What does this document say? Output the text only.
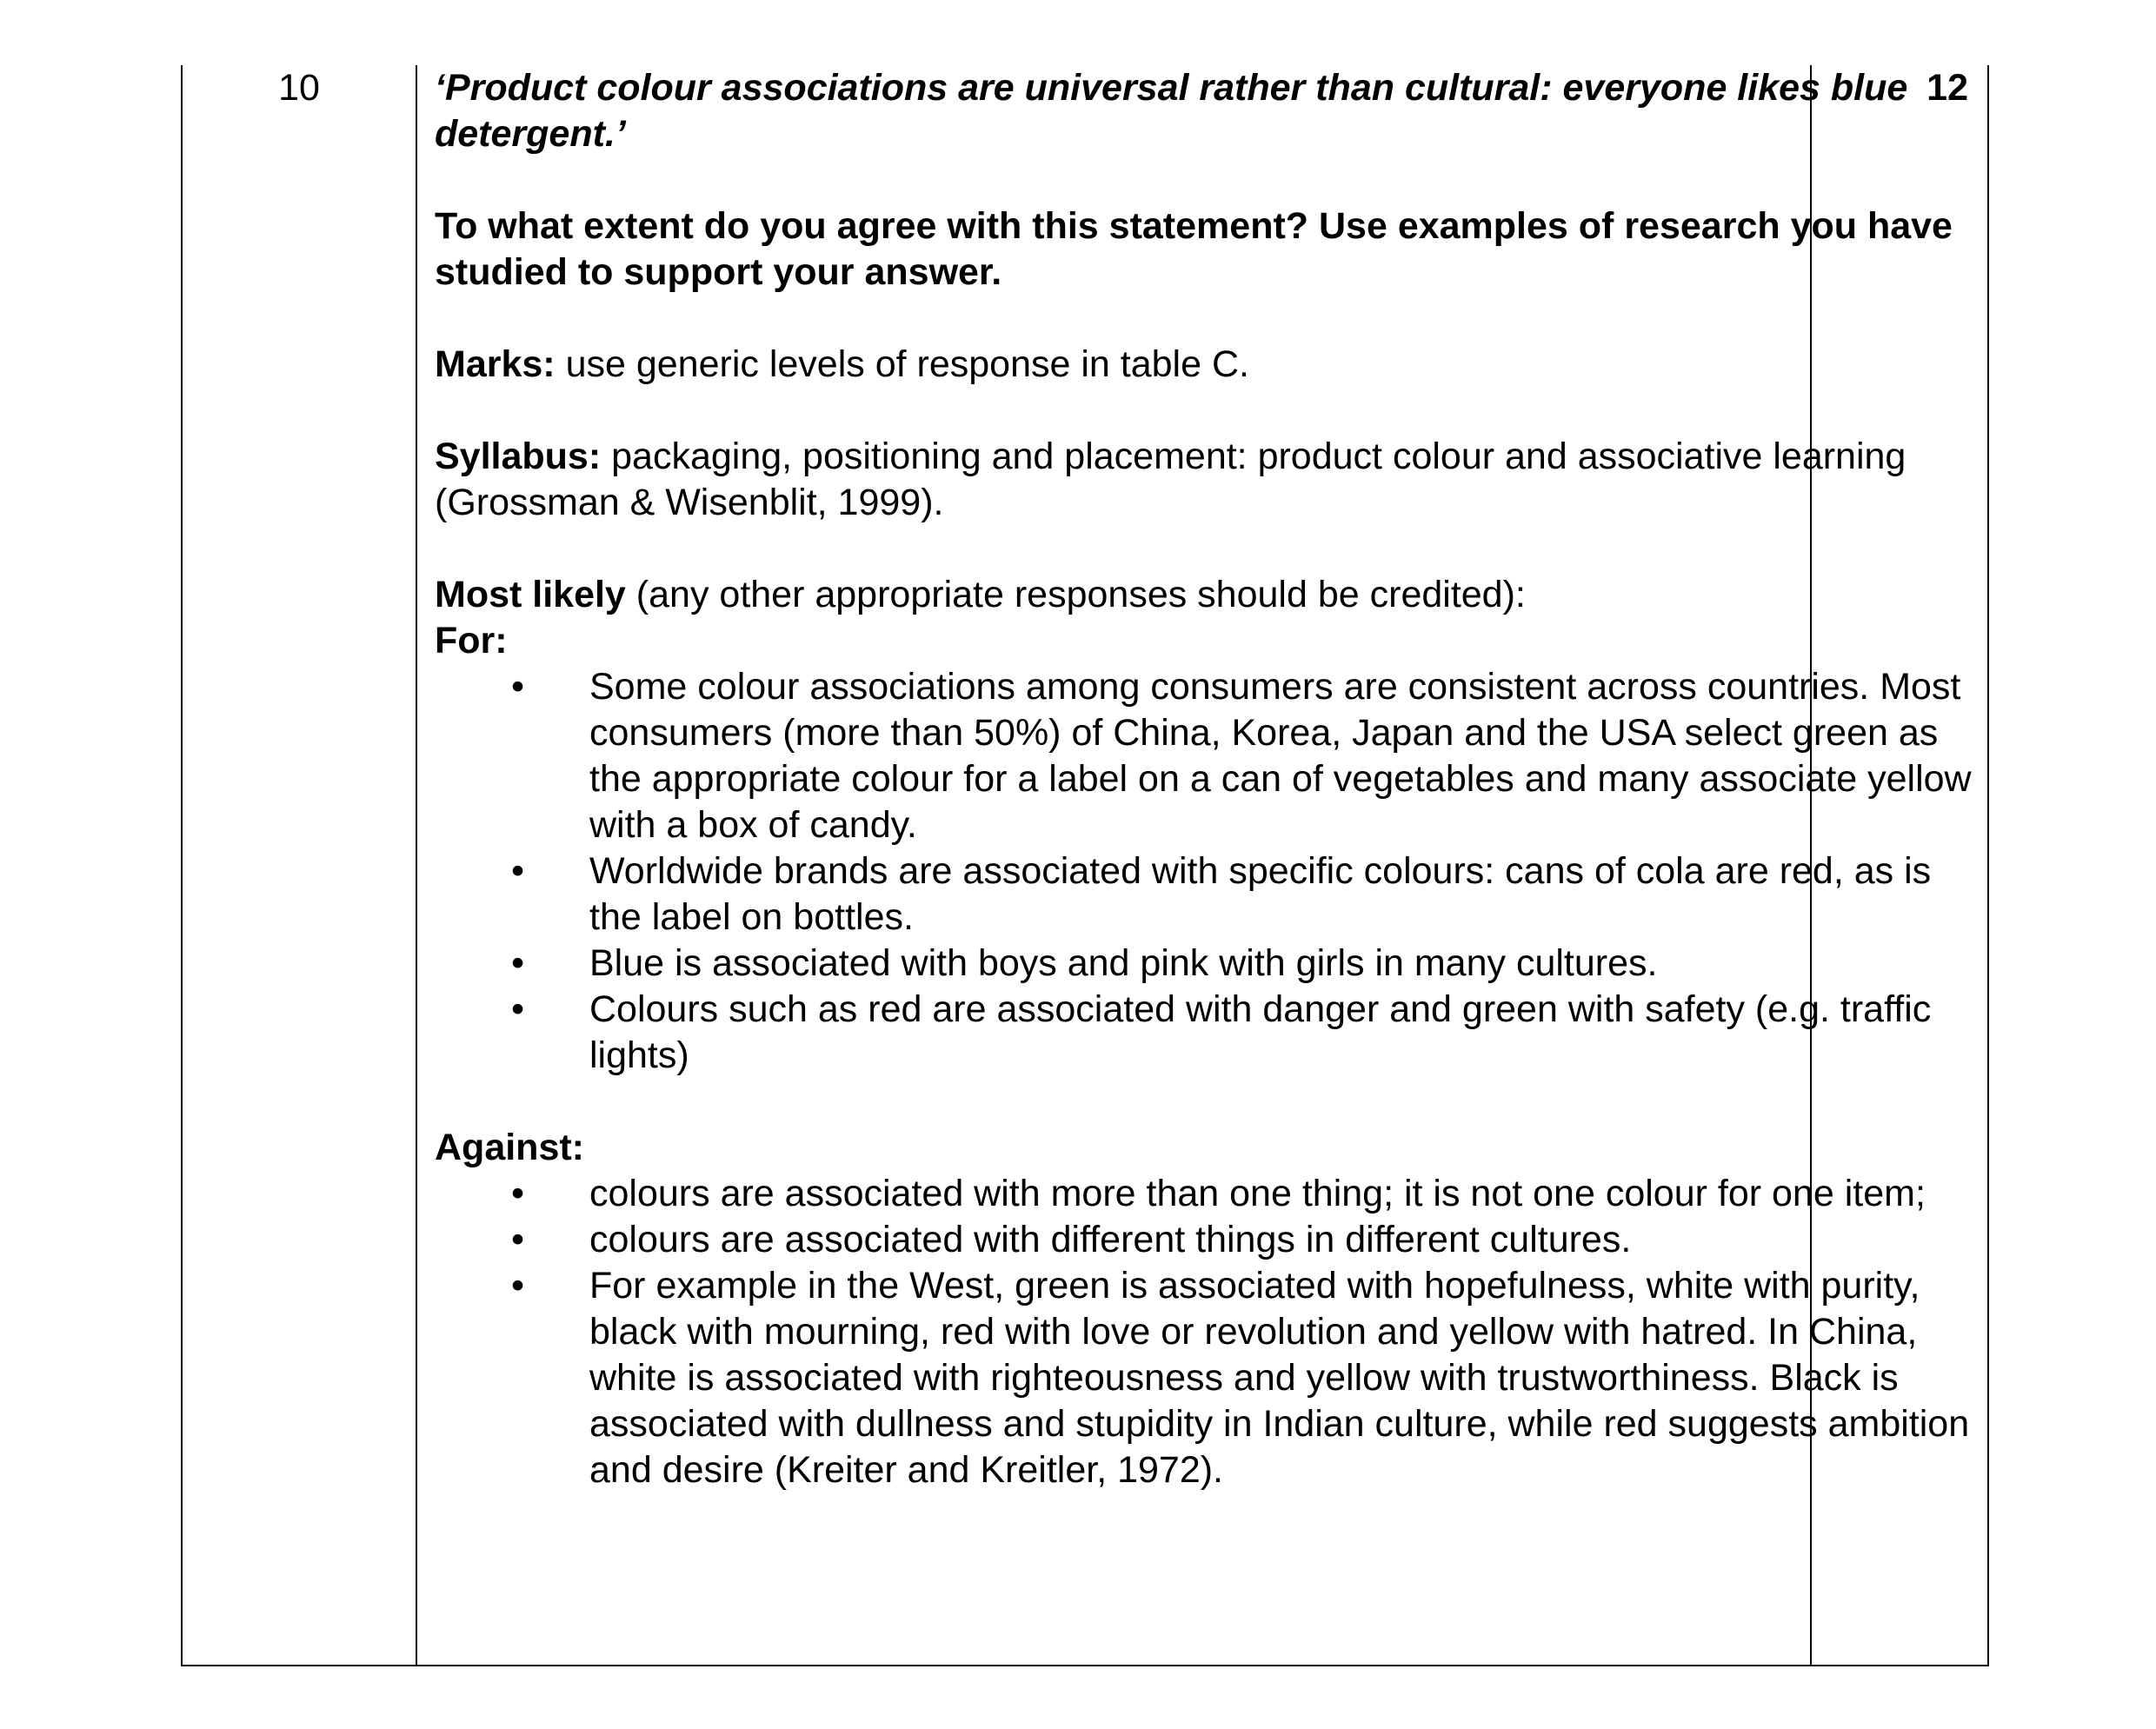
10	‘Product colour associations are universal rather than cultural: everyone likes blue detergent.’

To what extent do you agree with this statement? Use examples of research you have studied to support your answer.

Marks: use generic levels of response in table C.

Syllabus: packaging, positioning and placement: product colour and associative learning (Grossman & Wisenblit, 1999).

Most likely (any other appropriate responses should be credited):

For:

• Some colour associations among consumers are consistent across countries. Most consumers (more than 50%) of China, Korea, Japan and the USA select green as the appropriate colour for a label on a can of vegetables and many associate yellow with a box of candy.
• Worldwide brands are associated with specific colours: cans of cola are red, as is the label on bottles.
• Blue is associated with boys and pink with girls in many cultures.
• Colours such as red are associated with danger and green with safety (e.g. traffic lights)

Against:

• colours are associated with more than one thing; it is not one colour for one item;
• colours are associated with different things in different cultures.
• For example in the West, green is associated with hopefulness, white with purity, black with mourning, red with love or revolution and yellow with hatred. In China, white is associated with righteousness and yellow with trustworthiness. Black is associated with dullness and stupidity in Indian culture, while red suggests ambition and desire (Kreiter and Kreitler, 1972).
12
